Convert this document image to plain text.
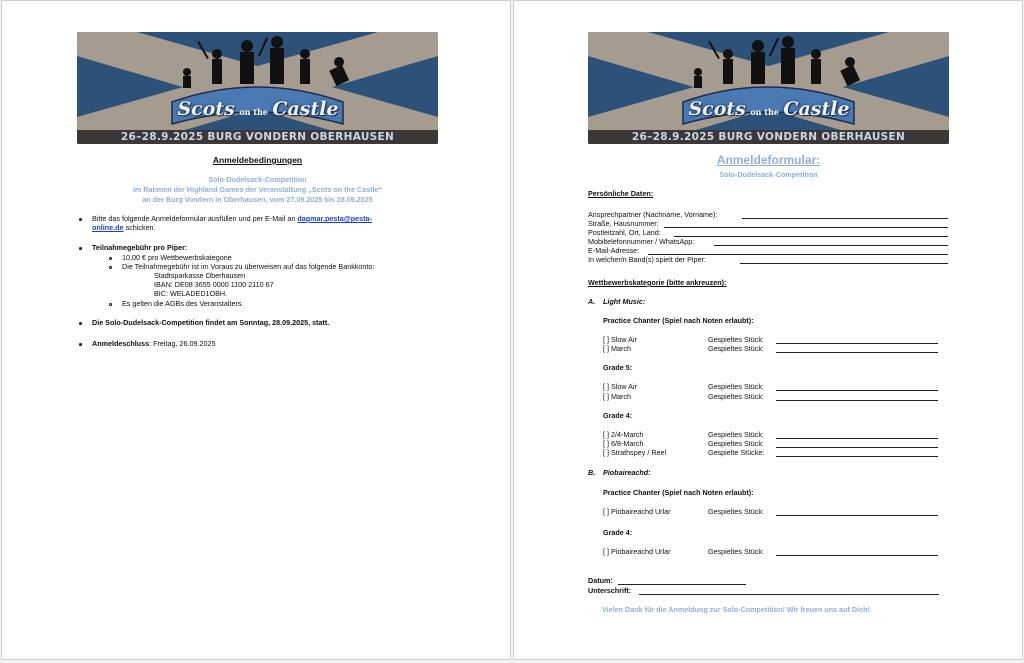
Scots on the Castle
26–28.9.2025 BURG VONDERN OBERHAUSEN
Anmeldebedingungen
Solo-Dudelsack-Competition
im Rahmen der Highland Games der Veranstaltung „Scots on the Castle“
an der Burg Vondern in Oberhausen, vom 27.09.2025 bis 28.09.2025
Bitte das folgende Anmeldeformular ausfüllen und per E-Mail an dagmar.pesta@pesta-
online.de schicken.
Teilnahmegebühr pro Piper:
10,00 € pro Wettbewerbskategorie
Die Teilnahmegebühr ist im Voraus zu überweisen auf das folgende Bankkonto:
Stadtsparkasse Oberhausen
IBAN: DE08 3655 0000 1100 2110 67
BIC: WELADED1OBH.
Es gelten die AGBs des Veranstalters.
Die Solo-Dudelsack-Competition findet am Sonntag, 28.09.2025, statt.
Anmeldeschluss: Freitag, 26.09.2025
Scots on the Castle
26–28.9.2025 BURG VONDERN OBERHAUSEN
Anmeldeformular:
Solo-Dudelsack-Competition
Persönliche Daten:
Ansprechpartner (Nachname, Vorname):
Straße, Hausnummer:
Postleitzahl, Ort, Land:
Mobiltelefonnummer / WhatsApp:
E-Mail-Adresse:
In welcher/n Band(s) spielt der Piper:
Wettbewerbskategorie (bitte ankreuzen):
A. Light Music:
Practice Chanter (Spiel nach Noten erlaubt):
[ ] Slow Air	Gespieltes Stück:
[ ] March	Gespieltes Stück:
Grade 5:
[ ] Slow Air	Gespieltes Stück:
[ ] March	Gespieltes Stück:
Grade 4:
[ ] 2/4-March	Gespieltes Stück:
[ ] 6/8-March	Gespieltes Stück:
[ ] Strathspey / Reel	Gespielte Stücke:
B. Piobaireachd:
Practice Chanter (Spiel nach Noten erlaubt):
[ ] Piobaireachd Urlar	Gespieltes Stück:
Grade 4:
[ ] Piobaireachd Urlar	Gespieltes Stück:
Datum:
Unterschrift:
Vielen Dank für die Anmeldung zur Solo-Competition! Wir freuen uns auf Dich!
